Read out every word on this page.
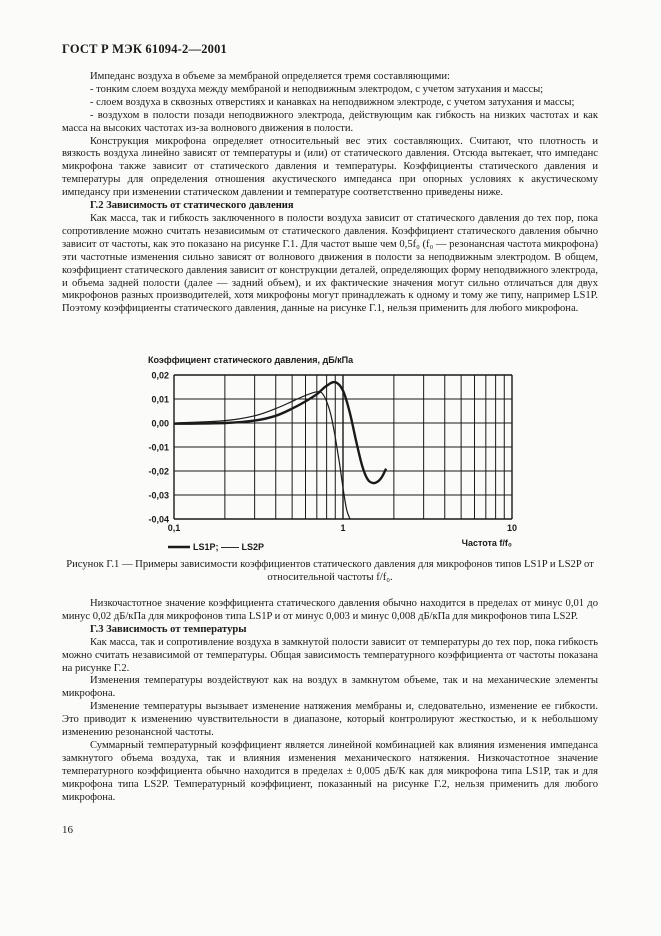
ГОСТ Р МЭК 61094-2—2001

Импеданс воздуха в объеме за мембраной определяется тремя составляющими:

- тонким слоем воздуха между мембраной и неподвижным электродом, с учетом затухания и массы;

- слоем воздуха в сквозных отверстиях и канавках на неподвижном электроде, с учетом затухания и массы;

- воздухом в полости позади неподвижного электрода, действующим как гибкость на низких частотах и как масса на высоких частотах из-за волнового движения в полости.

Конструкция микрофона определяет относительный вес этих составляющих. Считают, что плотность и вязкость воздуха линейно зависят от температуры и (или) от статического давления. Отсюда вытекает, что импеданс микрофона также зависит от статического давления и температуры. Коэффициенты статического давления и температуры для определения отношения акустического импеданса при опорных условиях к акустическому импедансу при изменении статическом давлении и температуре соответственно приведены ниже.

Г.2 Зависимость от статического давления

Как масса, так и гибкость заключенного в полости воздуха зависит от статического давления до тех пор, пока сопротивление можно считать независимым от статического давления. Коэффициент статического давления обычно зависит от частоты, как это показано на рисунке Г.1. Для частот выше чем 0,5f₀ (f₀ — резонансная частота микрофона) эти частотные изменения сильно зависят от волнового движения в полости за неподвижным электродом. В общем, коэффициент статического давления зависит от конструкции деталей, определяющих форму неподвижного электрода, и объема задней полости (далее — задний объем), и их фактические значения могут сильно отличаться для двух микрофонов разных производителей, хотя микрофоны могут принадлежать к одному и тому же типу, например LS1P. Поэтому коэффициенты статического давления, данные на рисунке Г.1, нельзя применить для любого микрофона.

0,02
0,01
0,00
-0,01
-0,02
-0,03
-0,04
0,1	1	10
Коэффициент статического давления, дБ/кПа
Частота f/f₀
LS1P; —— LS2P
Рисунок Г.1 — Примеры зависимости коэффициентов статического давления для микрофонов типов LS1P и LS2P от относительной частоты f/f₀.

Низкочастотное значение коэффициента статического давления обычно находится в пределах от минус 0,01 до минус 0,02 дБ/кПа для микрофонов типа LS1P и от минус 0,003 и минус 0,008 дБ/кПа для микрофонов типа LS2P.

Г.3 Зависимость от температуры

Как масса, так и сопротивление воздуха в замкнутой полости зависит от температуры до тех пор, пока гибкость можно считать независимой от температуры. Общая зависимость температурного коэффициента от частоты показана на рисунке Г.2.

Изменения температуры воздействуют как на воздух в замкнутом объеме, так и на механические элементы микрофона.

Изменение температуры вызывает изменение натяжения мембраны и, следовательно, изменение ее гибкости. Это приводит к изменению чувствительности в диапазоне, который контролируют жесткостью, и к небольшому изменению резонансной частоты.

Суммарный температурный коэффициент является линейной комбинацией как влияния изменения импеданса замкнутого объема воздуха, так и влияния изменения механического натяжения. Низкочастотное значение температурного коэффициента обычно находится в пределах ± 0,005 дБ/К как для микрофона типа LS1P, так и для микрофона типа LS2P. Температурный коэффициент, показанный на рисунке Г.2, нельзя применить для любого микрофона.

16
